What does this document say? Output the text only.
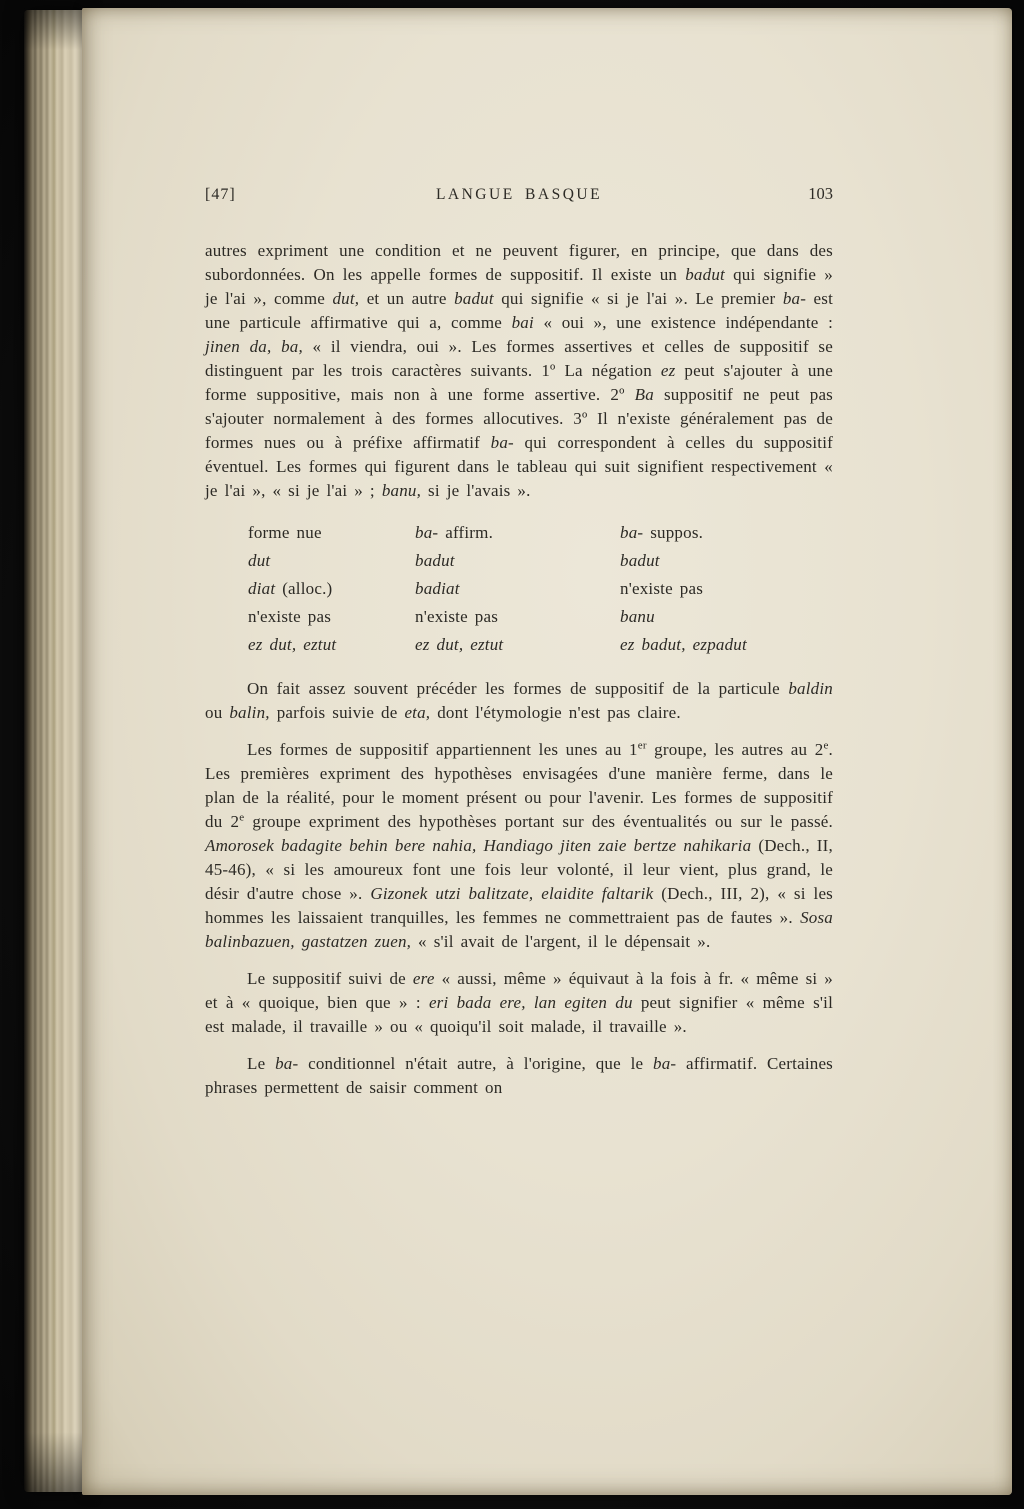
[47]	LANGUE BASQUE	103

autres expriment une condition et ne peuvent figurer, en principe, que dans des subordonnées. On les appelle formes de suppositif. Il existe un badut qui signifie » je l'ai », comme dut, et un autre badut qui signifie « si je l'ai ». Le premier ba- est une particule affirmative qui a, comme bai « oui », une existence indépendante : jinen da, ba, « il viendra, oui ». Les formes assertives et celles de suppositif se distinguent par les trois caractères suivants. 1º La négation ez peut s'ajouter à une forme suppositive, mais non à une forme assertive. 2º Ba suppositif ne peut pas s'ajouter normalement à des formes allocutives. 3º Il n'existe généralement pas de formes nues ou à préfixe affirmatif ba- qui correspondent à celles du suppositif éventuel. Les formes qui figurent dans le tableau qui suit signifient respectivement « je l'ai », « si je l'ai » ; banu, si je l'avais ».

forme nue	ba- affirm.	ba- suppos.
dut	badut	badut
diat (alloc.)	badiat	n'existe pas
n'existe pas	n'existe pas	banu
ez dut, eztut	ez dut, eztut	ez badut, ezpadut

On fait assez souvent précéder les formes de suppositif de la particule baldin ou balin, parfois suivie de eta, dont l'étymologie n'est pas claire.

Les formes de suppositif appartiennent les unes au 1er groupe, les autres au 2e. Les premières expriment des hypothèses envisagées d'une manière ferme, dans le plan de la réalité, pour le moment présent ou pour l'avenir. Les formes de suppositif du 2e groupe expriment des hypothèses portant sur des éventualités ou sur le passé. Amorosek badagite behin bere nahia, Handiago jiten zaie bertze nahikaria (Dech., II, 45-46), « si les amoureux font une fois leur volonté, il leur vient, plus grand, le désir d'autre chose ». Gizonek utzi balitzate, elaidite faltarik (Dech., III, 2), « si les hommes les laissaient tranquilles, les femmes ne commettraient pas de fautes ». Sosa balinbazuen, gastatzen zuen, « s'il avait de l'argent, il le dépensait ».

Le suppositif suivi de ere « aussi, même » équivaut à la fois à fr. « même si » et à « quoique, bien que » : eri bada ere, lan egiten du peut signifier « même s'il est malade, il travaille » ou « quoiqu'il soit malade, il travaille ».

Le ba- conditionnel n'était autre, à l'origine, que le ba- affirmatif. Certaines phrases permettent de saisir comment on
